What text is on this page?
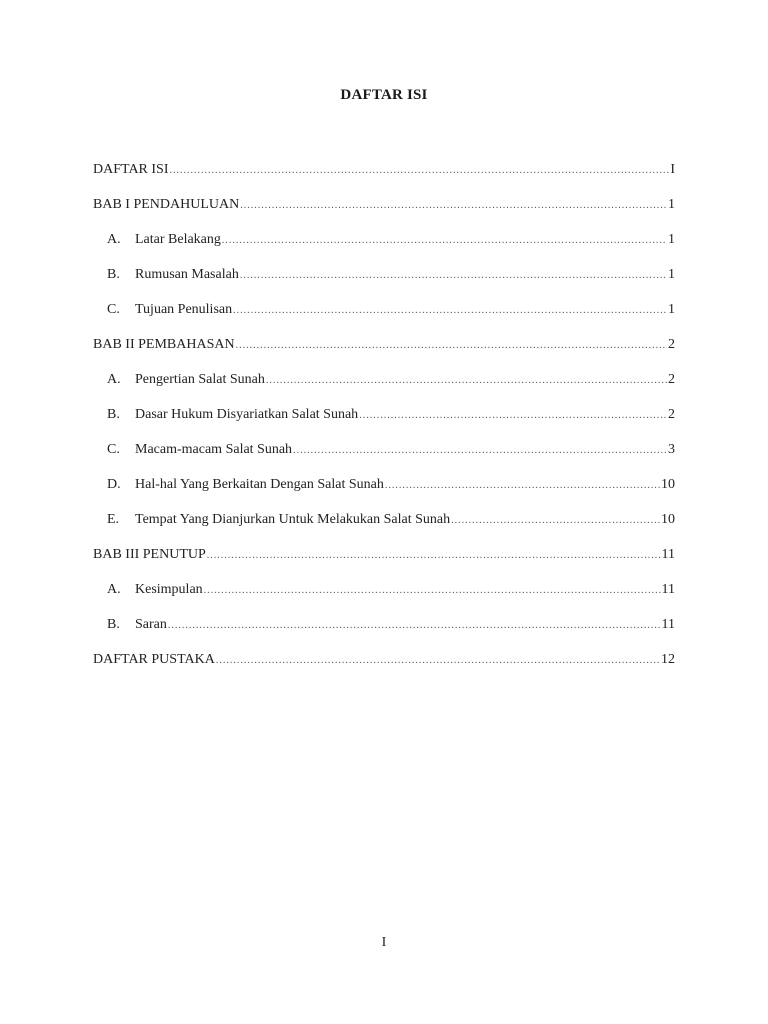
DAFTAR ISI
DAFTAR ISI .....	I
BAB I PENDAHULUAN .....	1
A.	Latar Belakang .....	1
B.	Rumusan Masalah .....	1
C.	Tujuan Penulisan .....	1
BAB II PEMBAHASAN .....	2
A.	Pengertian Salat Sunah .....	2
B.	Dasar Hukum Disyariatkan Salat Sunah .....	2
C.	Macam-macam Salat Sunah .....	3
D.	Hal-hal Yang Berkaitan Dengan Salat Sunah .....	10
E.	Tempat Yang Dianjurkan Untuk Melakukan Salat Sunah .....	10
BAB III PENUTUP .....	11
A.	Kesimpulan .....	11
B.	Saran .....	11
DAFTAR PUSTAKA .....	12
I
